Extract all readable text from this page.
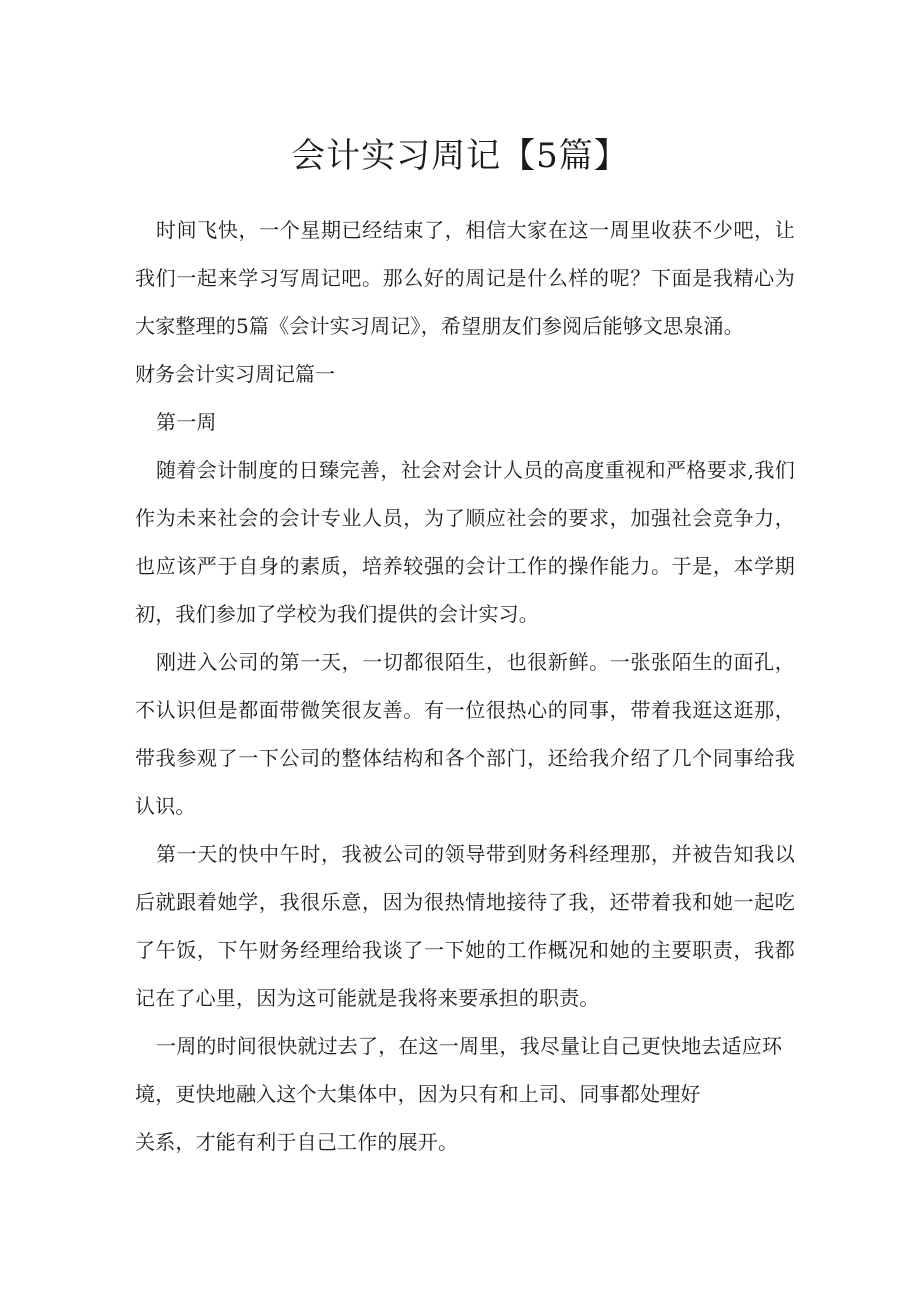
会计实习周记【5篇】

时间飞快，一个星期已经结束了，相信大家在这一周里收获不少吧，让我们一起来学习写周记吧。那么好的周记是什么样的呢？下面是我精心为大家整理的5篇《会计实习周记》，希望朋友们参阅后能够文思泉涌。

财务会计实习周记篇一

第一周

随着会计制度的日臻完善，社会对会计人员的高度重视和严格要求,我们作为未来社会的会计专业人员，为了顺应社会的要求，加强社会竞争力，也应该严于自身的素质，培养较强的会计工作的操作能力。于是，本学期初，我们参加了学校为我们提供的会计实习。

刚进入公司的第一天，一切都很陌生，也很新鲜。一张张陌生的面孔，不认识但是都面带微笑很友善。有一位很热心的同事，带着我逛这逛那，带我参观了一下公司的整体结构和各个部门，还给我介绍了几个同事给我认识。

第一天的快中午时，我被公司的领导带到财务科经理那，并被告知我以后就跟着她学，我很乐意，因为很热情地接待了我，还带着我和她一起吃了午饭，下午财务经理给我谈了一下她的工作概况和她的主要职责，我都记在了心里，因为这可能就是我将来要承担的职责。

一周的时间很快就过去了，在这一周里，我尽量让自己更快地去适应环
境，更快地融入这个大集体中，因为只有和上司、同事都处理好
关系，才能有利于自己工作的展开。
